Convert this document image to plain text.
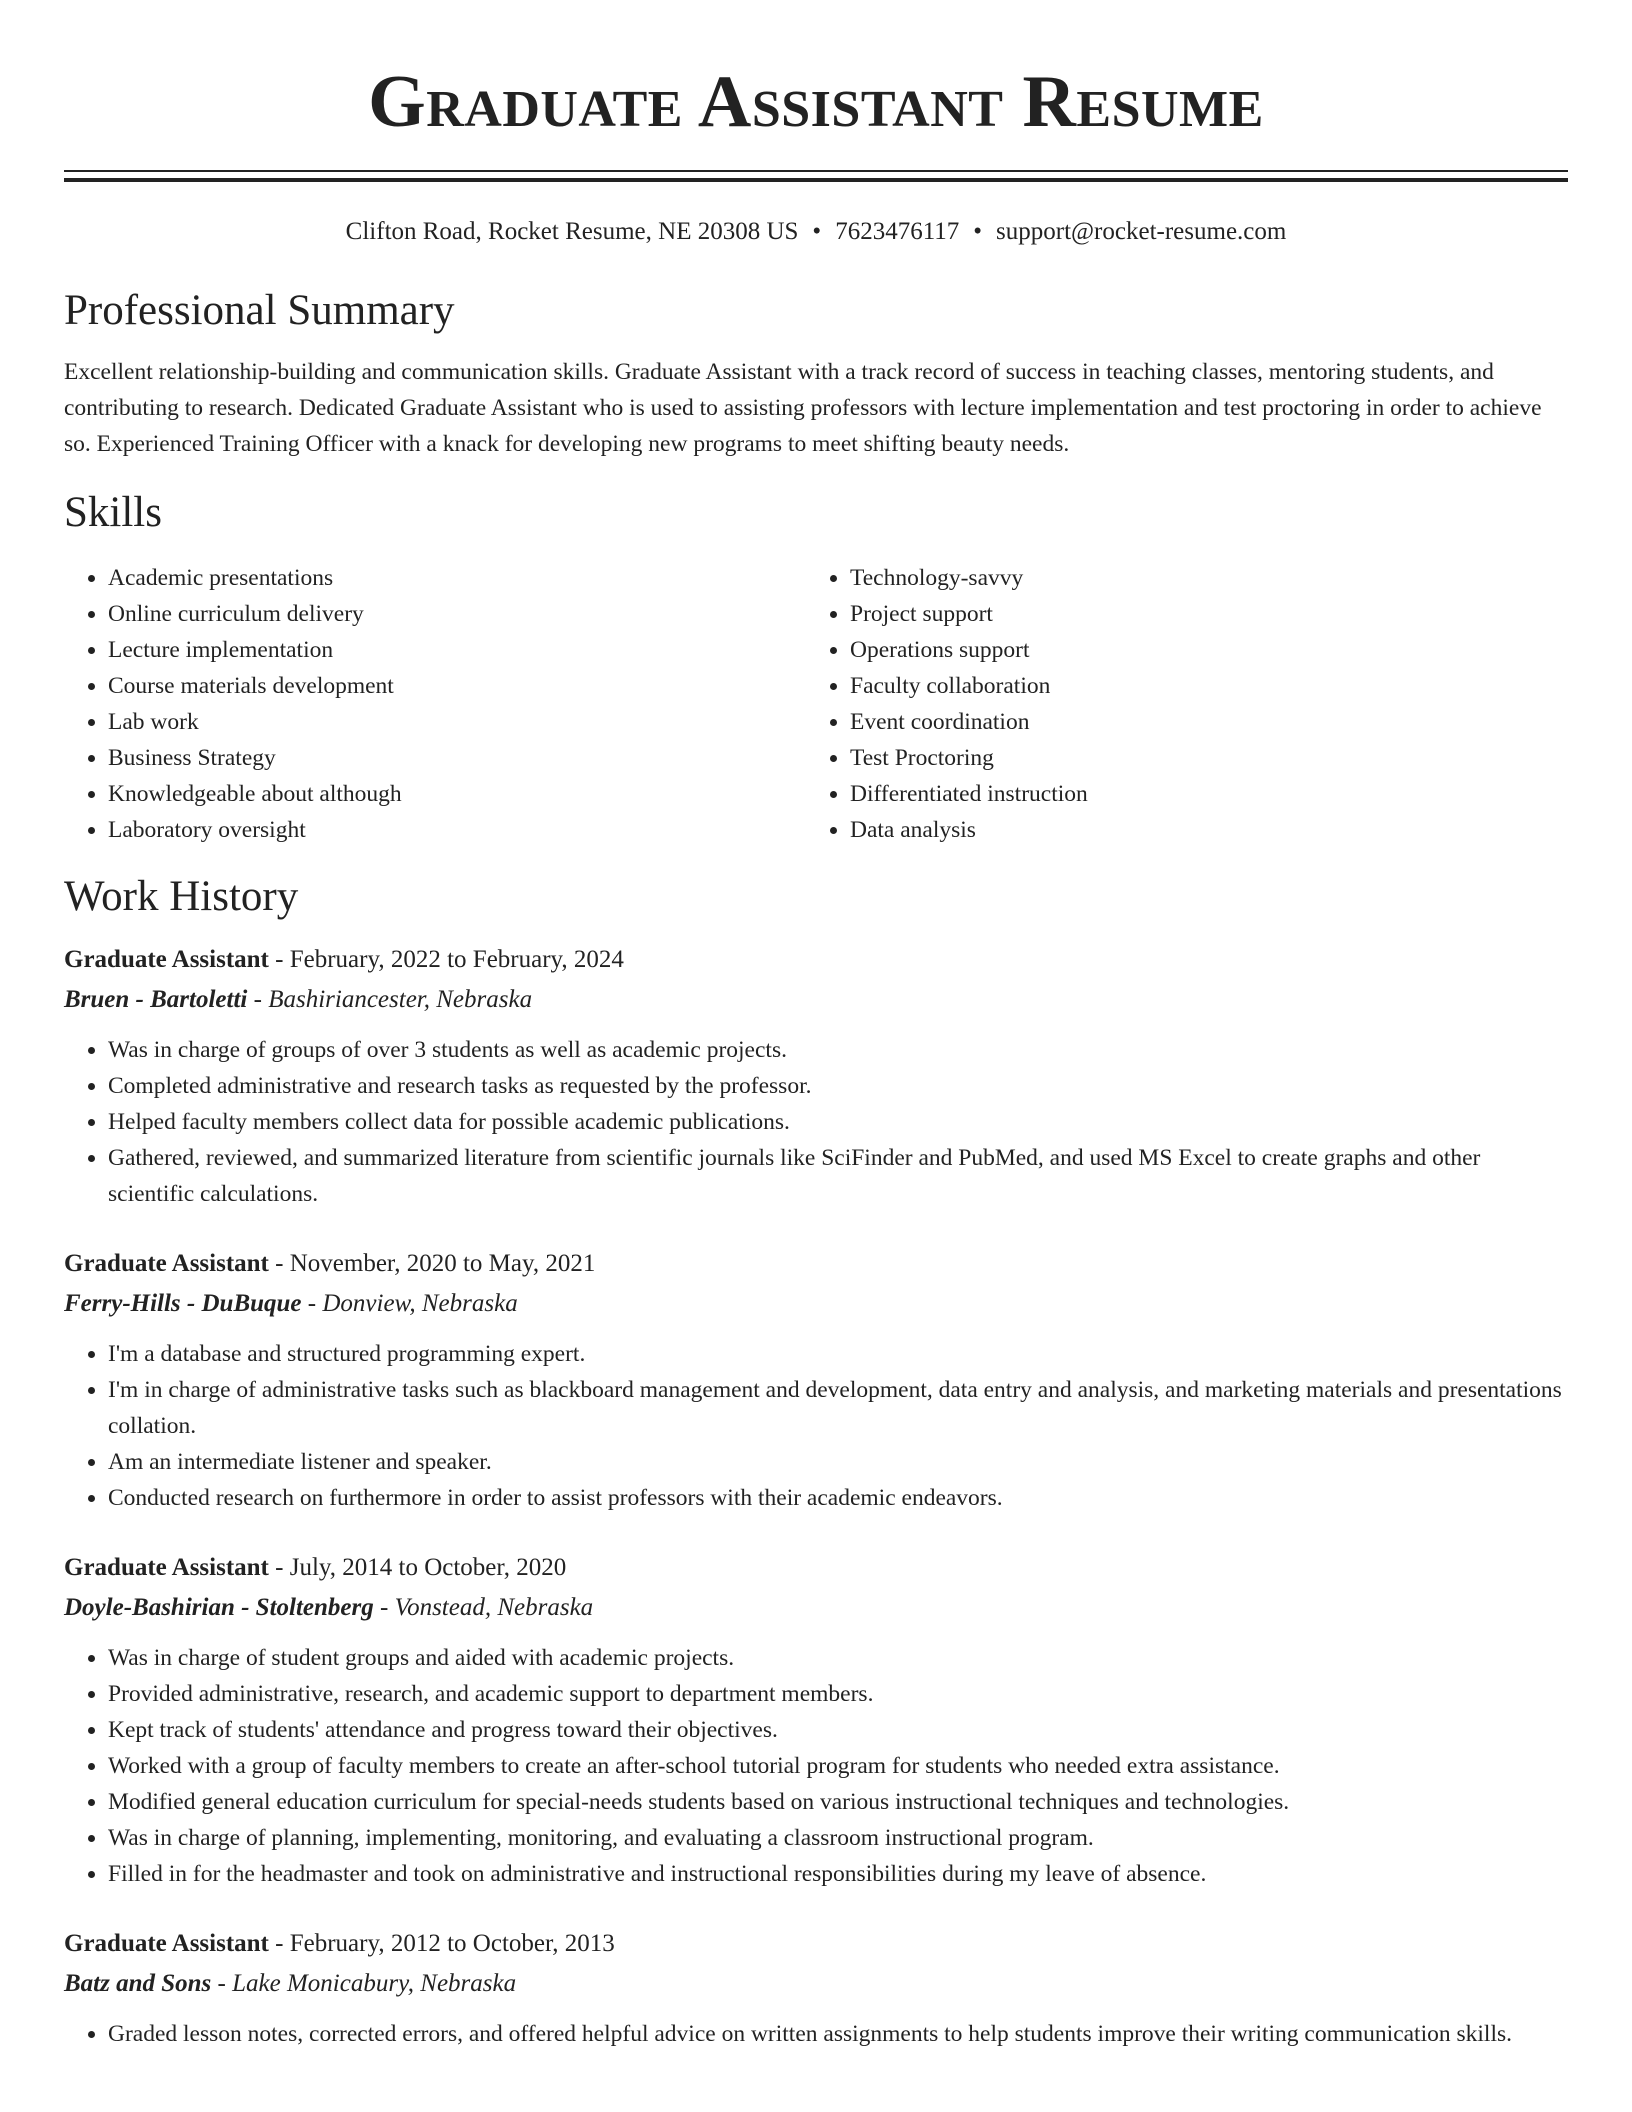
Graduate Assistant Resume
Clifton Road, Rocket Resume, NE 20308 US • 7623476117 • support@rocket-resume.com
Professional Summary

Excellent relationship-building and communication skills. Graduate Assistant with a track record of success in teaching classes, mentoring students, and contributing to research. Dedicated Graduate Assistant who is used to assisting professors with lecture implementation and test proctoring in order to achieve so. Experienced Training Officer with a knack for developing new programs to meet shifting beauty needs.

Skills
• Academic presentations
• Online curriculum delivery
• Lecture implementation
• Course materials development
• Lab work
• Business Strategy
• Knowledgeable about although
• Laboratory oversight
• Technology-savvy
• Project support
• Operations support
• Faculty collaboration
• Event coordination
• Test Proctoring
• Differentiated instruction
• Data analysis
Work History
Graduate Assistant - February, 2022 to February, 2024
Bruen - Bartoletti - Bashiriancester, Nebraska
• Was in charge of groups of over 3 students as well as academic projects.
• Completed administrative and research tasks as requested by the professor.
• Helped faculty members collect data for possible academic publications.
• Gathered, reviewed, and summarized literature from scientific journals like SciFinder and PubMed, and used MS Excel to create graphs and other scientific calculations.
Graduate Assistant - November, 2020 to May, 2021
Ferry-Hills - DuBuque - Donview, Nebraska
• I'm a database and structured programming expert.
• I'm in charge of administrative tasks such as blackboard management and development, data entry and analysis, and marketing materials and presentations collation.
• Am an intermediate listener and speaker.
• Conducted research on furthermore in order to assist professors with their academic endeavors.
Graduate Assistant - July, 2014 to October, 2020
Doyle-Bashirian - Stoltenberg - Vonstead, Nebraska
• Was in charge of student groups and aided with academic projects.
• Provided administrative, research, and academic support to department members.
• Kept track of students' attendance and progress toward their objectives.
• Worked with a group of faculty members to create an after-school tutorial program for students who needed extra assistance.
• Modified general education curriculum for special-needs students based on various instructional techniques and technologies.
• Was in charge of planning, implementing, monitoring, and evaluating a classroom instructional program.
• Filled in for the headmaster and took on administrative and instructional responsibilities during my leave of absence.
Graduate Assistant - February, 2012 to October, 2013
Batz and Sons - Lake Monicabury, Nebraska
• Graded lesson notes, corrected errors, and offered helpful advice on written assignments to help students improve their writing communication skills.
